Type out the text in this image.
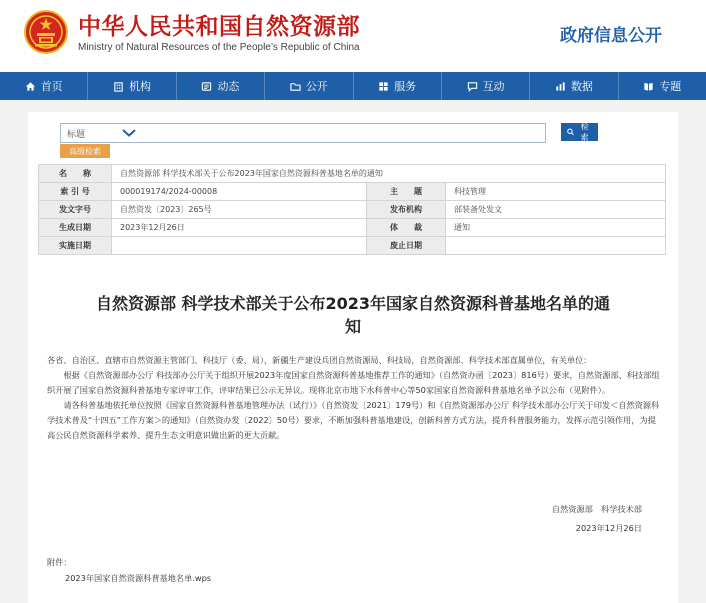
中华人民共和国自然资源部
Ministry of Natural Resources of the People’s Republic of China
政府信息公开
首页	机构	动态	公开	服务	互动	数据	专题
标题
检索
高级检索
名　　称	自然资源部 科学技术部关于公布2023年国家自然资源科普基地名单的通知		
索 引 号	000019174/2024-00008	主　　题	科技管理
发文字号	自然资发〔2023〕265号	发布机构	部装备处发文
生成日期	2023年12月26日	体　　裁	通知
实施日期		废止日期	
自然资源部 科学技术部关于公布2023年国家自然资源科普基地名单的通知

各省、自治区、直辖市自然资源主管部门、科技厅（委、局），新疆生产建设兵团自然资源局、科技局，自然资源部、科学技术部直属单位，有关单位：

根据《自然资源部办公厅 科技部办公厅关于组织开展2023年度国家自然资源科普基地推荐工作的通知》（自然资办函〔2023〕816号）要求，自然资源部、科技部组织开展了国家自然资源科普基地专家评审工作，评审结果已公示无异议。现将北京市地下水科普中心等50家国家自然资源科普基地名单予以公布（见附件）。

请各科普基地依托单位按照《国家自然资源科普基地管理办法（试行）》（自然资发〔2021〕179号）和《自然资源部办公厅 科学技术部办公厅关于印发＜自然资源科学技术普及“十四五”工作方案＞的通知》（自然资办发〔2022〕50号）要求，不断加强科普基地建设，创新科普方式方法，提升科普服务能力，发挥示范引领作用，为提高公民自然资源科学素养、提升生态文明意识做出新的更大贡献。

自然资源部　科学技术部
2023年12月26日
附件：
2023年国家自然资源科普基地名单.wps
